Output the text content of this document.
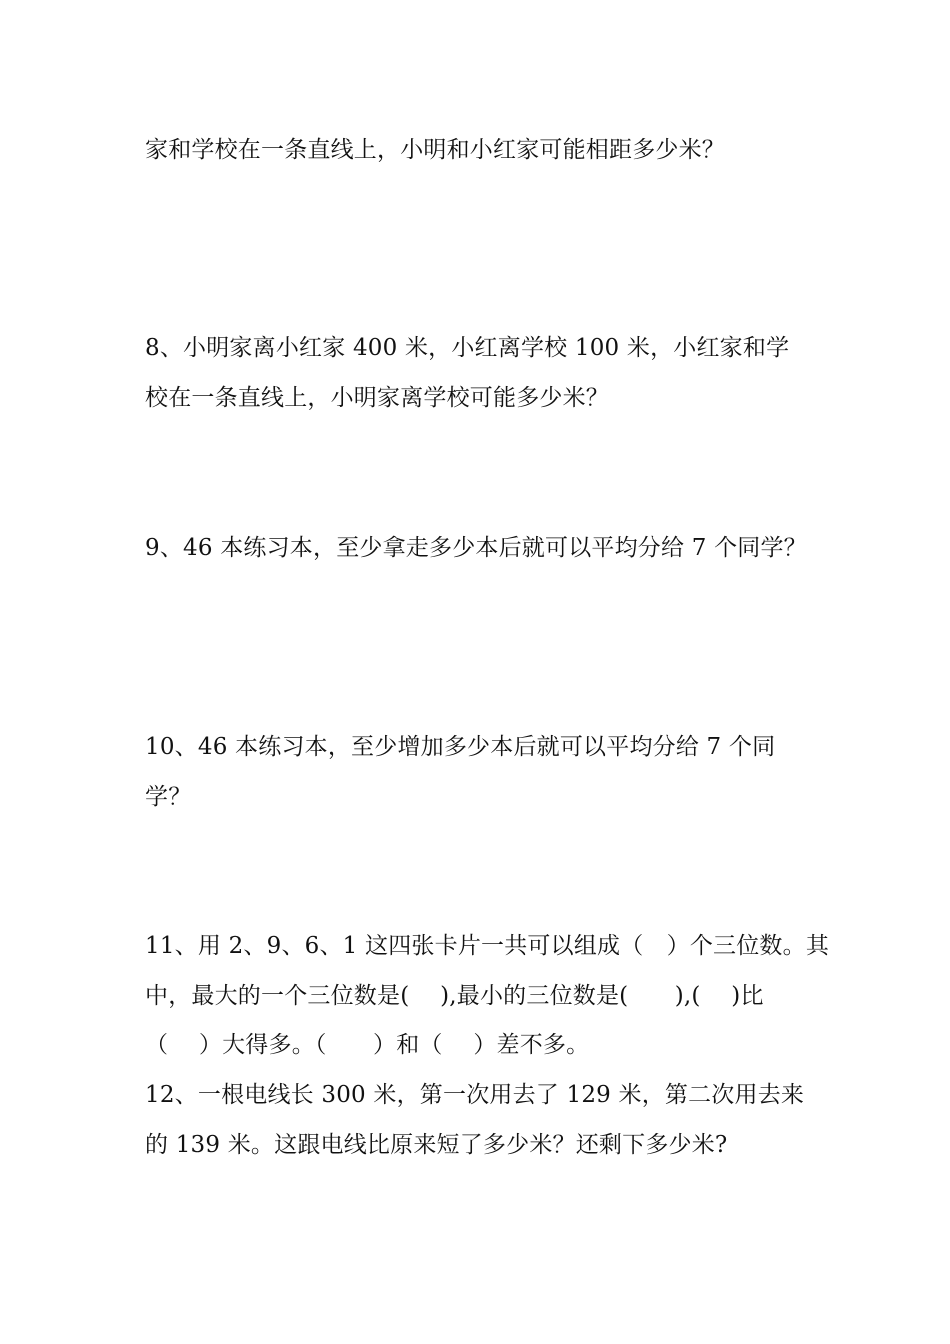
家和学校在一条直线上，小明和小红家可能相距多少米？
8、小明家离小红家 400 米，小红离学校 100 米，小红家和学
校在一条直线上，小明家离学校可能多少米？
9、46 本练习本，至少拿走多少本后就可以平均分给 7 个同学？
10、46 本练习本，至少增加多少本后就可以平均分给 7 个同
学？
11、用 2、9、6、1 这四张卡片一共可以组成（　）个三位数。其
中，最大的一个三位数是(　 ),最小的三位数是(　　),(　 )比
（　 ）大得多。（　　）和（　 ）差不多。
12、一根电线长 300 米，第一次用去了 129 米，第二次用去来
的 139 米。这跟电线比原来短了多少米？还剩下多少米?
